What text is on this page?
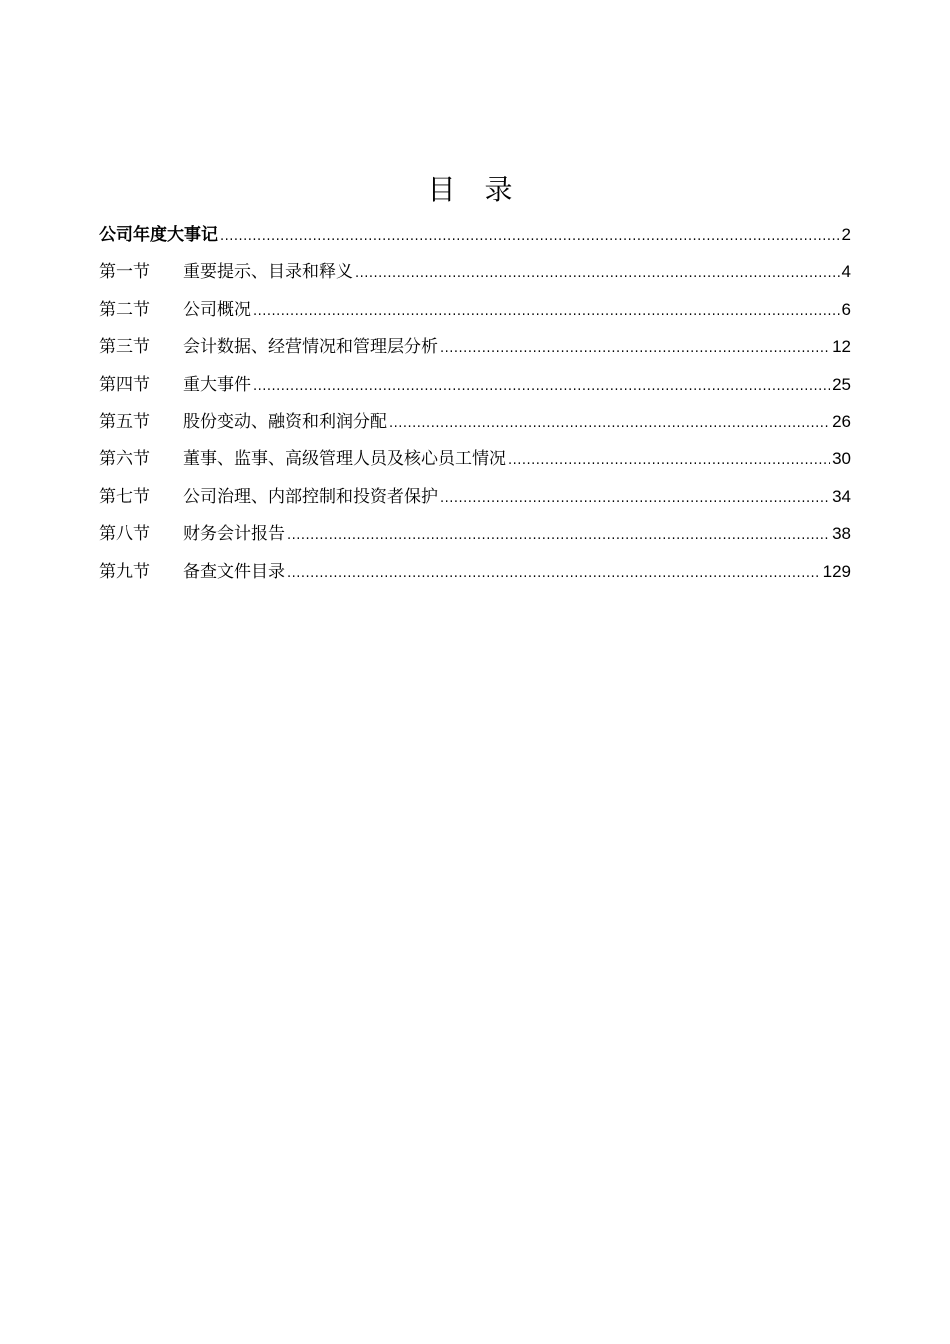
目 录
公司年度大事记 .....	2
第一节	重要提示、目录和释义 .....	4
第二节	公司概况 .....	6
第三节	会计数据、经营情况和管理层分析 .....	12
第四节	重大事件 .....	25
第五节	股份变动、融资和利润分配 .....	26
第六节	董事、监事、高级管理人员及核心员工情况 .....	30
第七节	公司治理、内部控制和投资者保护 .....	34
第八节	财务会计报告 .....	38
第九节	备查文件目录 .....	129
